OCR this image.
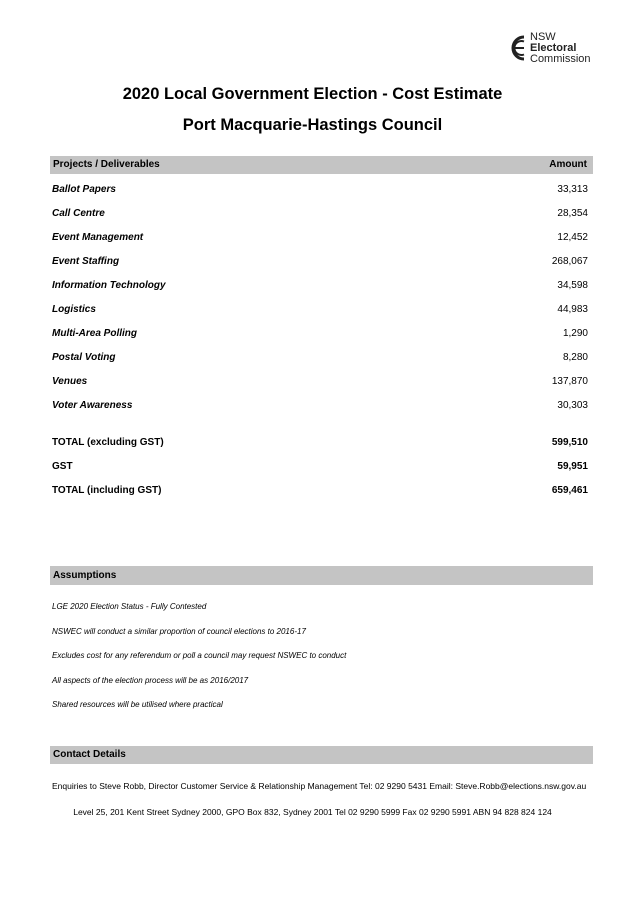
NSW
Electoral
Commission
2020 Local Government Election - Cost Estimate
Port Macquarie-Hastings Council
Projects / Deliverables	Amount
Ballot Papers	33,313
Call Centre	28,354
Event Management	12,452
Event Staffing	268,067
Information Technology	34,598
Logistics	44,983
Multi-Area Polling	1,290
Postal Voting	8,280
Venues	137,870
Voter Awareness	30,303
TOTAL (excluding GST)	599,510
GST	59,951
TOTAL (including GST)	659,461
Assumptions
LGE 2020 Election Status - Fully Contested
NSWEC will conduct a similar proportion of council elections to 2016-17
Excludes cost for any referendum or poll a council may request NSWEC to conduct
All aspects of the election process will be as 2016/2017
Shared resources will be utilised where practical
Contact Details
Enquiries to Steve Robb, Director Customer Service & Relationship Management Tel: 02 9290 5431 Email: Steve.Robb@elections.nsw.gov.au
Level 25, 201 Kent Street Sydney 2000, GPO Box 832, Sydney 2001 Tel 02 9290 5999 Fax 02 9290 5991 ABN 94 828 824 124
